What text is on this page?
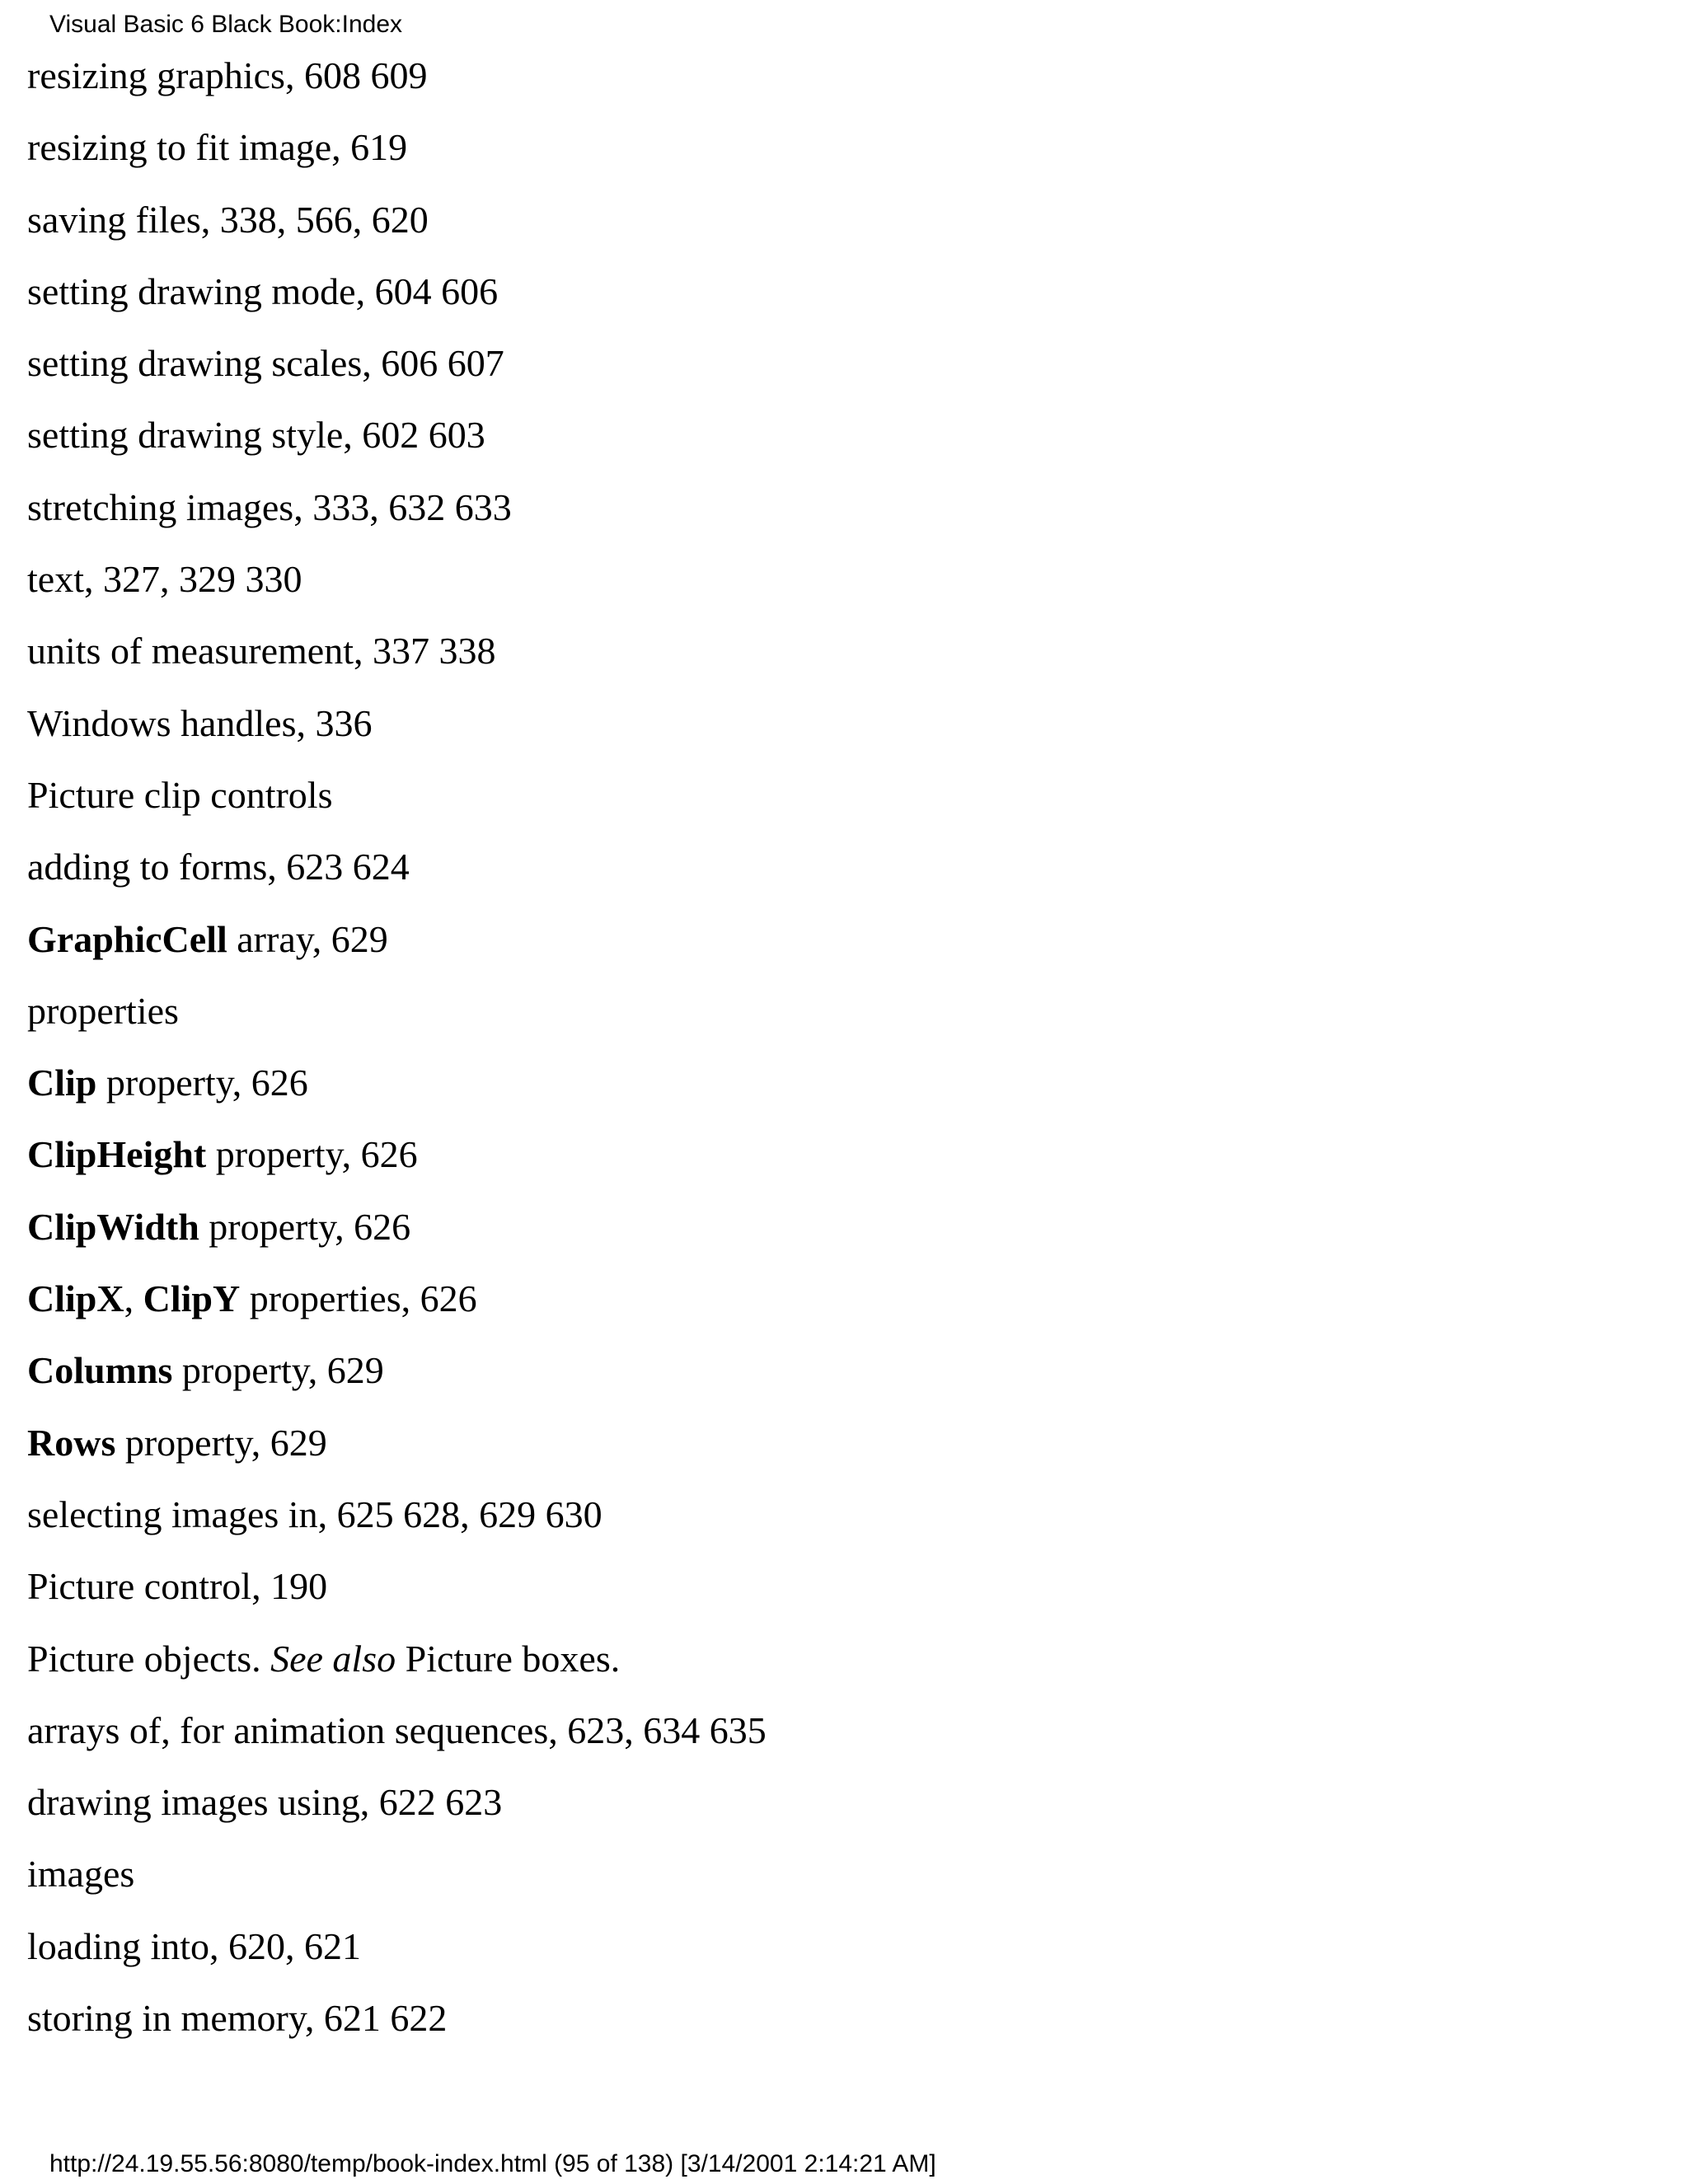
Visual Basic 6 Black Book:Index
resizing graphics, 608 609
resizing to fit image, 619
saving files, 338, 566, 620
setting drawing mode, 604 606
setting drawing scales, 606 607
setting drawing style, 602 603
stretching images, 333, 632 633
text, 327, 329 330
units of measurement, 337 338
Windows handles, 336
Picture clip controls
adding to forms, 623 624
GraphicCell array, 629
properties
Clip property, 626
ClipHeight property, 626
ClipWidth property, 626
ClipX, ClipY properties, 626
Columns property, 629
Rows property, 629
selecting images in, 625 628, 629 630
Picture control, 190
Picture objects. See also Picture boxes.
arrays of, for animation sequences, 623, 634 635
drawing images using, 622 623
images
loading into, 620, 621
storing in memory, 621 622
http://24.19.55.56:8080/temp/book-index.html (95 of 138) [3/14/2001 2:14:21 AM]
